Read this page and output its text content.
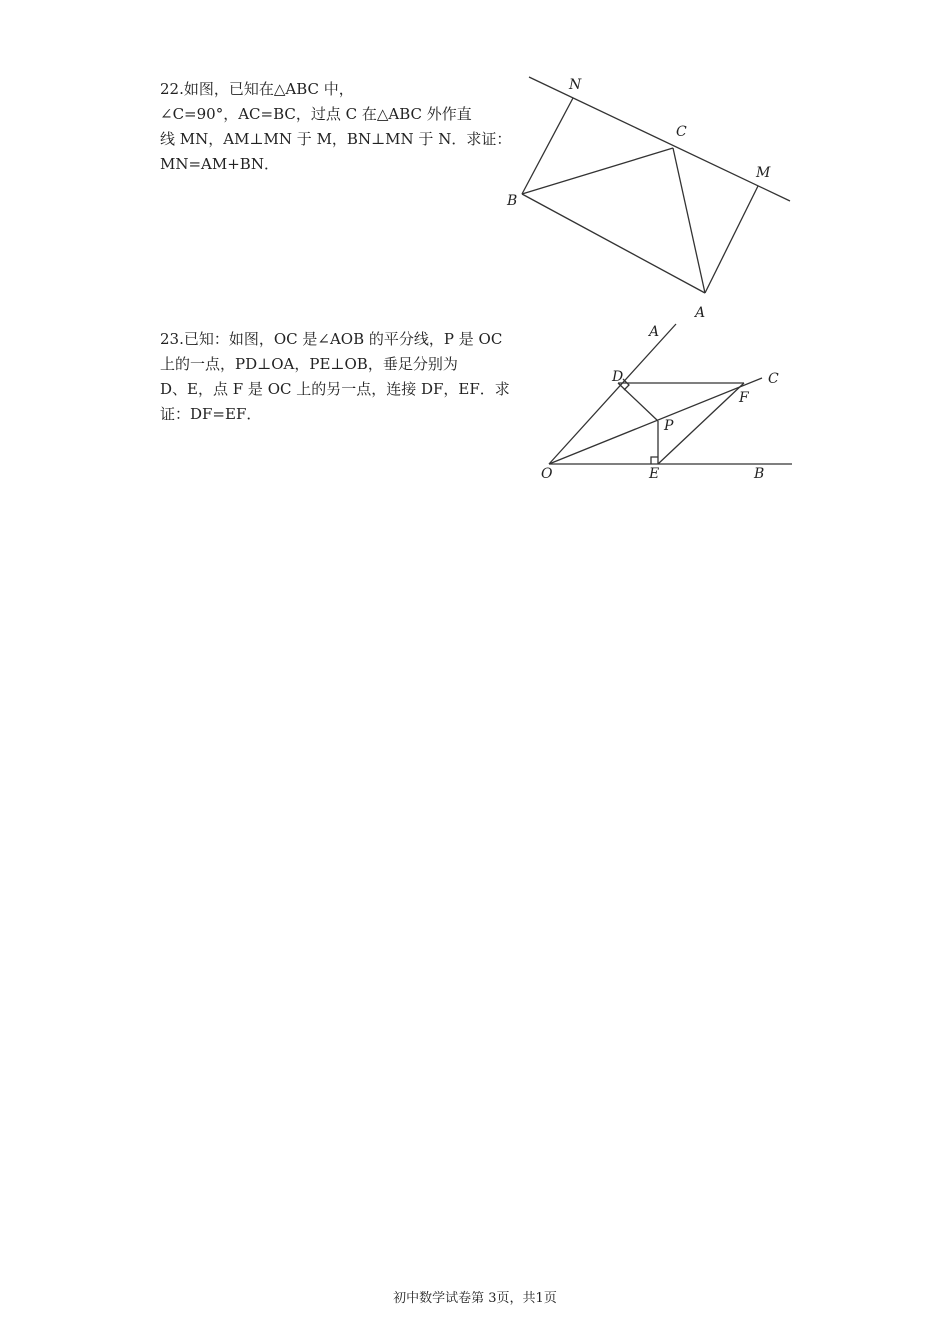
22.如图，已知在△ABC 中，
∠C=90°，AC=BC，过点 C 在△ABC 外作直
线 MN，AM⊥MN 于 M，BN⊥MN 于 N．求证：
MN=AM+BN．
N
C
M
B
A
23.已知：如图，OC 是∠AOB 的平分线，P 是 OC
上的一点，PD⊥OA，PE⊥OB，垂足分别为
D、E，点 F 是 OC 上的另一点，连接 DF，EF．求
证：DF=EF．
A
C
D
F
P
O	E	B
初中数学试卷第 3页，共1页
